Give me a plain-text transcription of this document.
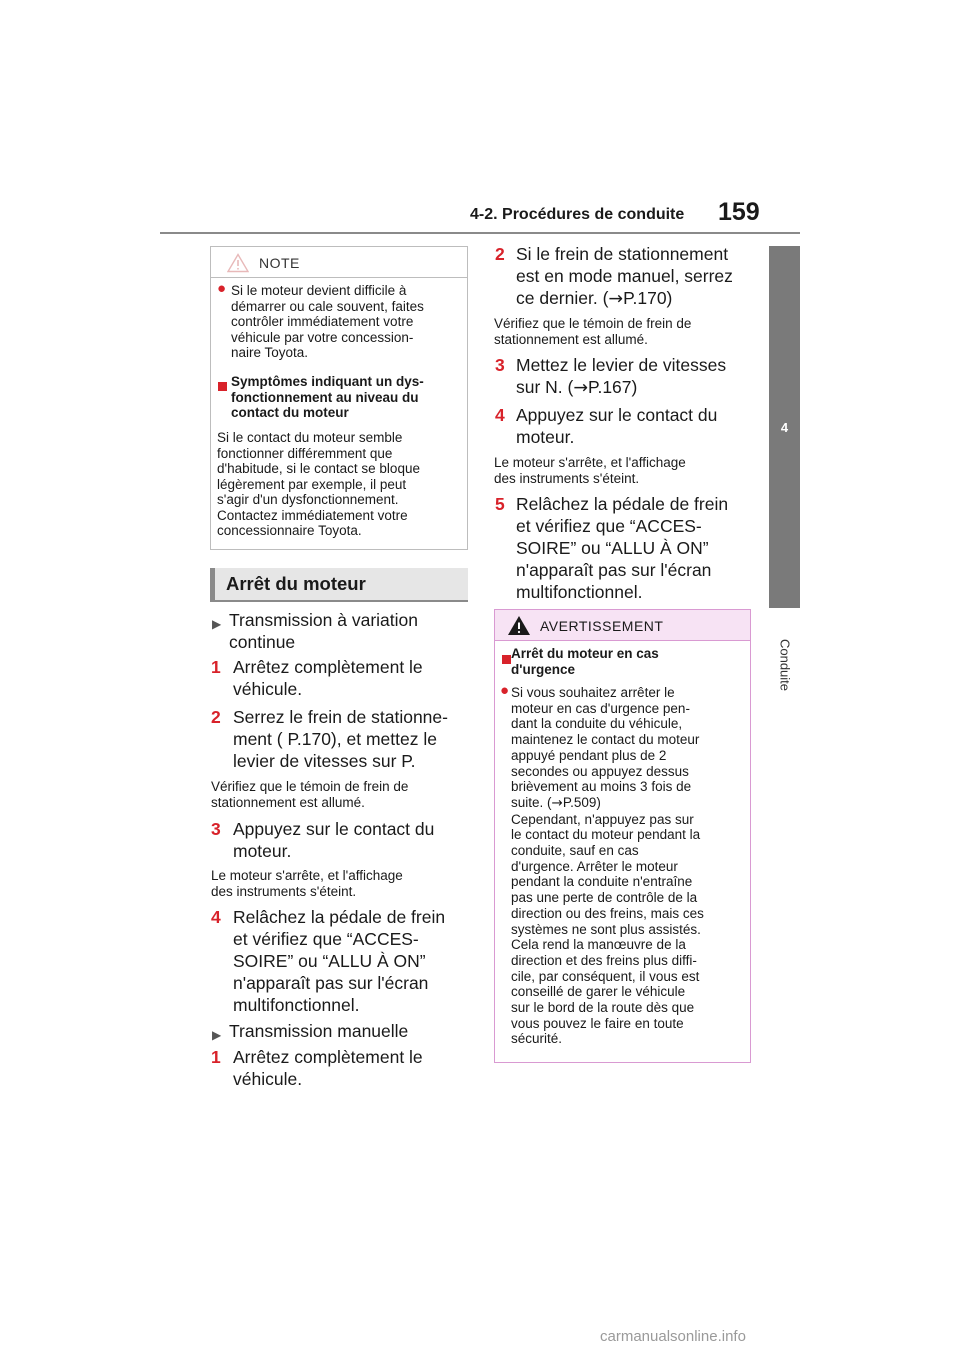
4-2. Procédures de conduite 159
4
Conduite
NOTE
● Si le moteur devient difficile à
démarrer ou cale souvent, faites
contrôler immédiatement votre
véhicule par votre concession-
naire Toyota.
Symptômes indiquant un dys-
fonctionnement au niveau du
contact du moteur
Si le contact du moteur semble
fonctionner différemment que
d'habitude, si le contact se bloque
légèrement par exemple, il peut
s'agir d'un dysfonctionnement.
Contactez immédiatement votre
concessionnaire Toyota.
Arrêt du moteur
▶ Transmission à variation
continue
1 Arrêtez complètement le
véhicule.
2 Serrez le frein de stationne-
ment ( P.170), et mettez le
levier de vitesses sur P.
Vérifiez que le témoin de frein de
stationnement est allumé.
3 Appuyez sur le contact du
moteur.
Le moteur s'arrête, et l'affichage
des instruments s'éteint.
4 Relâchez la pédale de frein
et vérifiez que “ACCES-
SOIRE” ou “ALLU À ON”
n'apparaît pas sur l'écran
multifonctionnel.
▶ Transmission manuelle
1 Arrêtez complètement le
véhicule.
2 Si le frein de stationnement
est en mode manuel, serrez
ce dernier. (→P.170)
Vérifiez que le témoin de frein de
stationnement est allumé.
3 Mettez le levier de vitesses
sur N. (→P.167)
4 Appuyez sur le contact du
moteur.
Le moteur s'arrête, et l'affichage
des instruments s'éteint.
5 Relâchez la pédale de frein
et vérifiez que “ACCES-
SOIRE” ou “ALLU À ON”
n'apparaît pas sur l'écran
multifonctionnel.
AVERTISSEMENT
Arrêt du moteur en cas
d'urgence
● Si vous souhaitez arrêter le
moteur en cas d'urgence pen-
dant la conduite du véhicule,
maintenez le contact du moteur
appuyé pendant plus de 2
secondes ou appuyez dessus
brièvement au moins 3 fois de
suite. (→P.509)
Cependant, n'appuyez pas sur
le contact du moteur pendant la
conduite, sauf en cas
d'urgence. Arrêter le moteur
pendant la conduite n'entraîne
pas une perte de contrôle de la
direction ou des freins, mais ces
systèmes ne sont plus assistés.
Cela rend la manœuvre de la
direction et des freins plus diffi-
cile, par conséquent, il vous est
conseillé de garer le véhicule
sur le bord de la route dès que
vous pouvez le faire en toute
sécurité.
carmanualsonline.info
